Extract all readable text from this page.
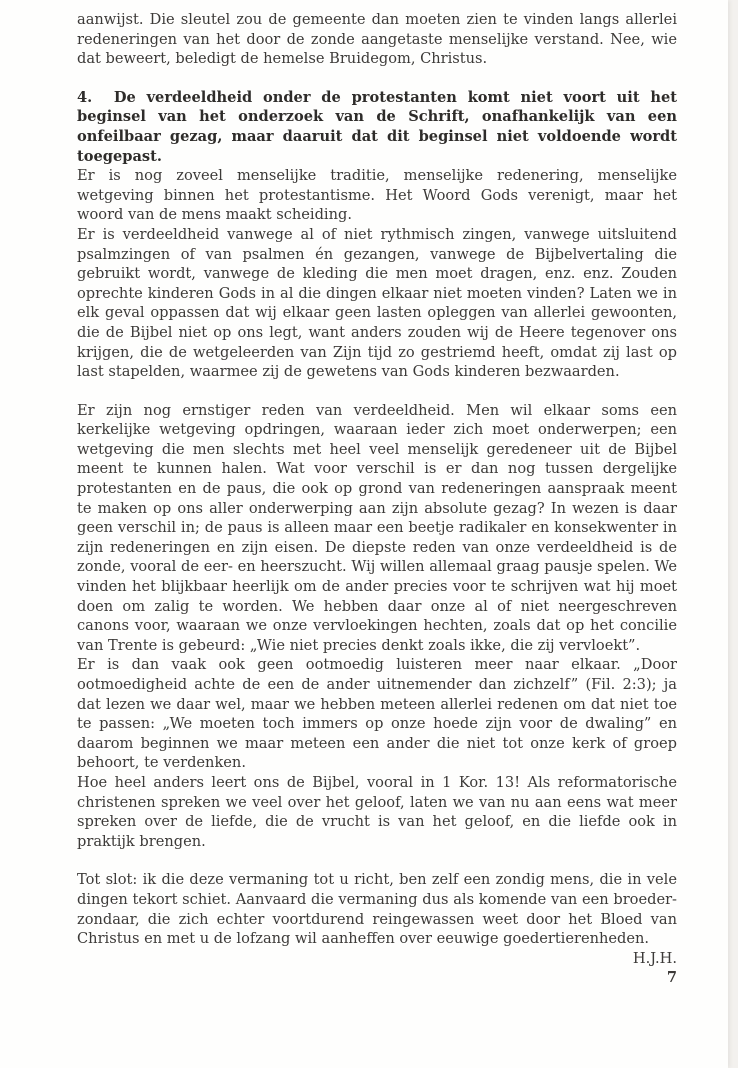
aanwijst. Die sleutel zou de gemeente dan moeten zien te vinden langs allerlei redeneringen van het door de zonde aangetaste menselijke verstand. Nee, wie dat beweert, beledigt de hemelse Bruidegom, Christus.

4. De verdeeldheid onder de protestanten komt niet voort uit het beginsel van het onderzoek van de Schrift, onafhankelijk van een onfeilbaar gezag, maar daaruit dat dit beginsel niet voldoende wordt toegepast.

Er is nog zoveel menselijke traditie, menselijke redenering, menselijke wetgeving binnen het protestantisme. Het Woord Gods verenigt, maar het woord van de mens maakt scheiding.

Er is verdeeldheid vanwege al of niet rythmisch zingen, vanwege uitsluitend psalmzingen of van psalmen én gezangen, vanwege de Bijbelvertaling die gebruikt wordt, vanwege de kleding die men moet dragen, enz. enz. Zouden oprechte kinderen Gods in al die dingen elkaar niet moeten vinden? Laten we in elk geval oppassen dat wij elkaar geen lasten opleggen van allerlei gewoonten, die de Bijbel niet op ons legt, want anders zouden wij de Heere tegenover ons krijgen, die de wetgeleerden van Zijn tijd zo gestriemd heeft, omdat zij last op last stapelden, waarmee zij de gewetens van Gods kinderen bezwaarden.

Er zijn nog ernstiger reden van verdeeldheid. Men wil elkaar soms een kerkelijke wetgeving opdringen, waaraan ieder zich moet onderwerpen; een wetgeving die men slechts met heel veel menselijk geredeneer uit de Bijbel meent te kunnen halen. Wat voor verschil is er dan nog tussen dergelijke protestanten en de paus, die ook op grond van redeneringen aanspraak meent te maken op ons aller onderwerping aan zijn absolute gezag? In wezen is daar geen verschil in; de paus is alleen maar een beetje radikaler en konsekwenter in zijn redeneringen en zijn eisen. De diepste reden van onze verdeeldheid is de zonde, vooral de eer- en heerszucht. Wij willen allemaal graag pausje spelen. We vinden het blijkbaar heerlijk om de ander precies voor te schrijven wat hij moet doen om zalig te worden. We hebben daar onze al of niet neergeschreven canons voor, waaraan we onze vervloekingen hechten, zoals dat op het concilie van Trente is gebeurd: „Wie niet precies denkt zoals ikke, die zij vervloekt”.

Er is dan vaak ook geen ootmoedig luisteren meer naar elkaar. „Door ootmoedigheid achte de een de ander uitnemender dan zichzelf” (Fil. 2:3); ja dat lezen we daar wel, maar we hebben meteen allerlei redenen om dat niet toe te passen: „We moeten toch immers op onze hoede zijn voor de dwaling” en daarom beginnen we maar meteen een ander die niet tot onze kerk of groep behoort, te verdenken.

Hoe heel anders leert ons de Bijbel, vooral in 1 Kor. 13! Als reformatorische christenen spreken we veel over het geloof, laten we van nu aan eens wat meer spreken over de liefde, die de vrucht is van het geloof, en die liefde ook in praktijk brengen.

Tot slot: ik die deze vermaning tot u richt, ben zelf een zondig mens, die in vele dingen tekort schiet. Aanvaard die vermaning dus als komende van een broeder-zondaar, die zich echter voortdurend reingewassen weet door het Bloed van Christus en met u de lofzang wil aanheffen over eeuwige goedertierenheden.

H.J.H.

7
